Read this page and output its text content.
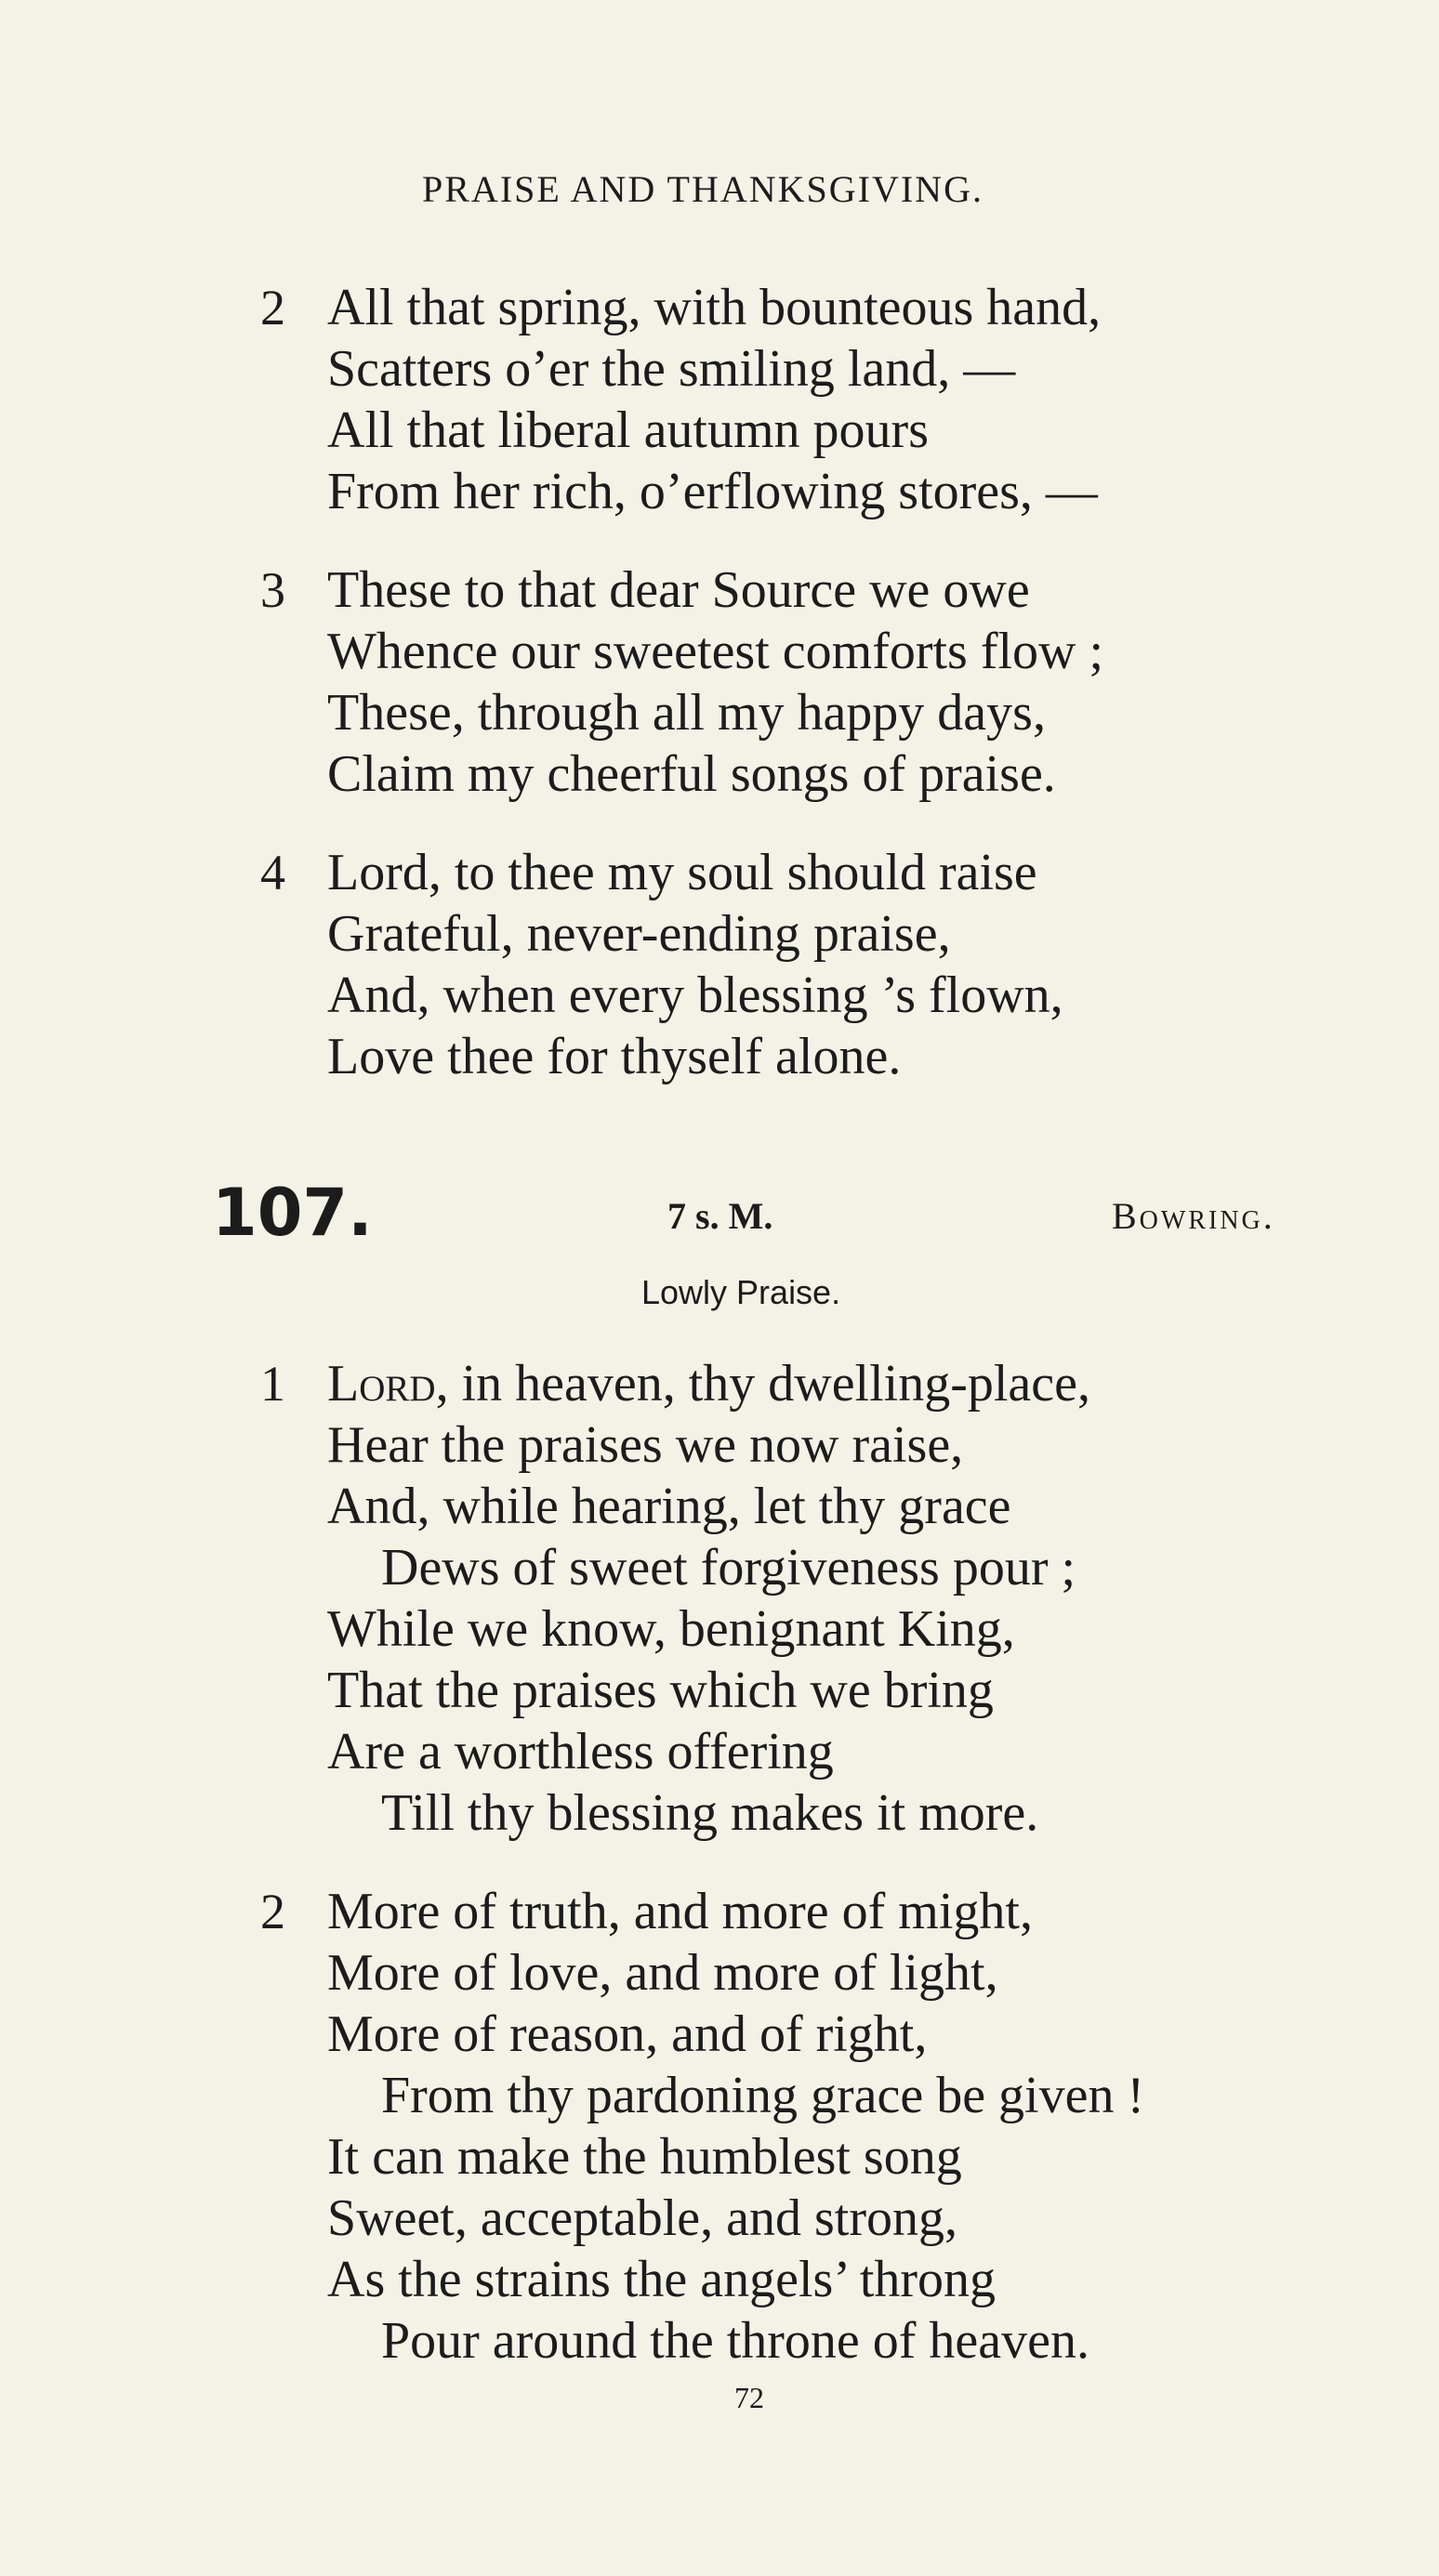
PRAISE AND THANKSGIVING.
2 All that spring, with bounteous hand,
Scatters o’er the smiling land, —
All that liberal autumn pours
From her rich, o’erflowing stores, —
3 These to that dear Source we owe
Whence our sweetest comforts flow ;
These, through all my happy days,
Claim my cheerful songs of praise.
4 Lord, to thee my soul should raise
Grateful, never-ending praise,
And, when every blessing ’s flown,
Love thee for thyself alone.
107.	7 s. M.	Bowring.
Lowly Praise.
1 Lord, in heaven, thy dwelling-place,
Hear the praises we now raise,
And, while hearing, let thy grace
Dews of sweet forgiveness pour ;
While we know, benignant King,
That the praises which we bring
Are a worthless offering
Till thy blessing makes it more.
2 More of truth, and more of might,
More of love, and more of light,
More of reason, and of right,
From thy pardoning grace be given !
It can make the humblest song
Sweet, acceptable, and strong,
As the strains the angels’ throng
Pour around the throne of heaven.
72
